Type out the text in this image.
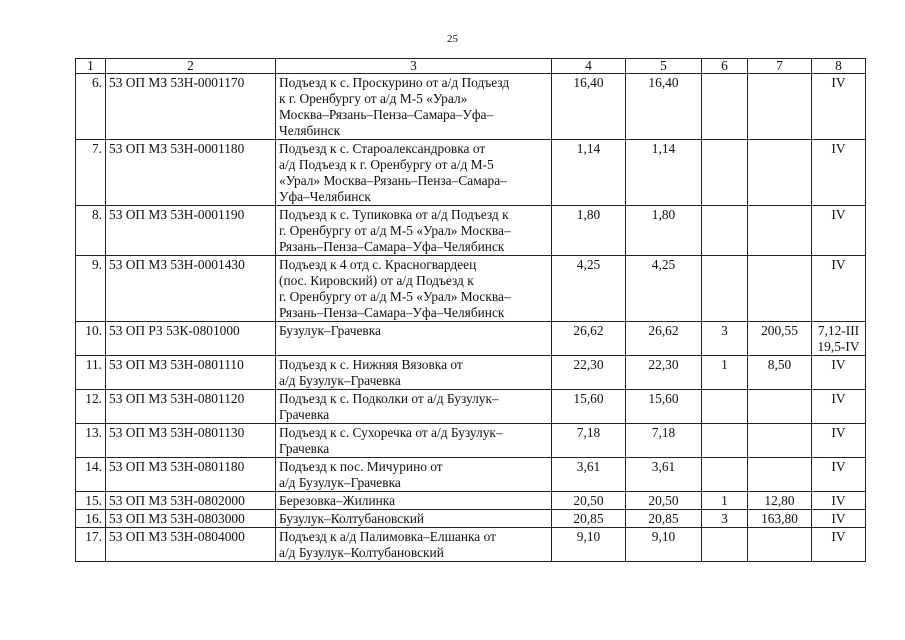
25
1	2	3	4	5	6	7	8
6.	53 ОП МЗ 53Н-0001170	Подъезд к с. Проскурино от а/д Подъезд
к г. Оренбургу от а/д М-5 «Урал»
Москва–Рязань–Пенза–Самара–Уфа–
Челябинск	16,40	16,40			IV
7.	53 ОП МЗ 53Н-0001180	Подъезд к с. Староалександровка от
а/д Подъезд к г. Оренбургу от а/д М-5
«Урал» Москва–Рязань–Пенза–Самара–
Уфа–Челябинск	1,14	1,14			IV
8.	53 ОП МЗ 53Н-0001190	Подъезд к с. Тупиковка от а/д Подъезд к
г. Оренбургу от а/д М-5 «Урал» Москва–
Рязань–Пенза–Самара–Уфа–Челябинск	1,80	1,80			IV
9.	53 ОП МЗ 53Н-0001430	Подъезд к 4 отд с. Красногвардеец
(пос. Кировский) от а/д Подъезд к
г. Оренбургу от а/д М-5 «Урал» Москва–
Рязань–Пенза–Самара–Уфа–Челябинск	4,25	4,25			IV
10.	53 ОП РЗ 53К-0801000	Бузулук–Грачевка	26,62	26,62	3	200,55	7,12-III
19,5-IV
11.	53 ОП МЗ 53Н-0801110	Подъезд к с. Нижняя Вязовка от
а/д Бузулук–Грачевка	22,30	22,30	1	8,50	IV
12.	53 ОП МЗ 53Н-0801120	Подъезд к с. Подколки от а/д Бузулук–
Грачевка	15,60	15,60			IV
13.	53 ОП МЗ 53Н-0801130	Подъезд к с. Сухоречка от а/д Бузулук–
Грачевка	7,18	7,18			IV
14.	53 ОП МЗ 53Н-0801180	Подъезд к пос. Мичурино от
а/д Бузулук–Грачевка	3,61	3,61			IV
15.	53 ОП МЗ 53Н-0802000	Березовка–Жилинка	20,50	20,50	1	12,80	IV
16.	53 ОП МЗ 53Н-0803000	Бузулук–Колтубановский	20,85	20,85	3	163,80	IV
17.	53 ОП МЗ 53Н-0804000	Подъезд к а/д Палимовка–Елшанка от
а/д Бузулук–Колтубановский	9,10	9,10			IV
